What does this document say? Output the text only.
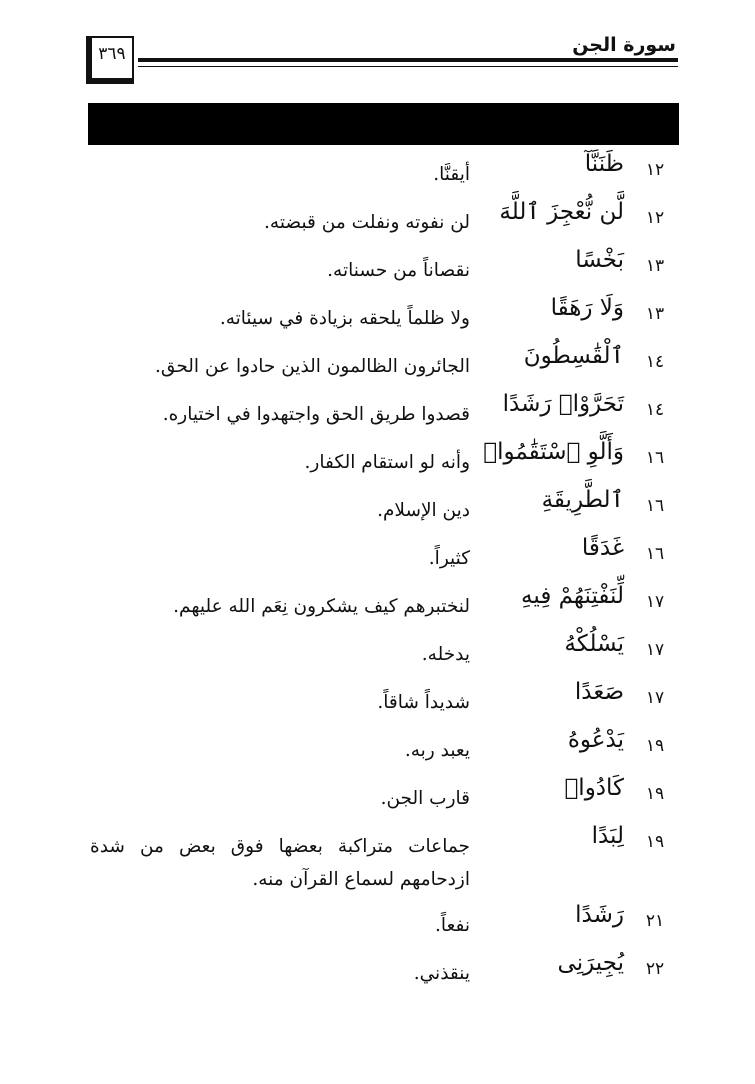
سورة الجن
٣٦٩
١٢
ظَنَنَّآ
أيقنَّا.
١٢
لَّن نُّعْجِزَ ٱللَّهَ
لن نفوته ونفلت من قبضته.
١٣
بَخْسًا
نقصاناً من حسناته.
١٣
وَلَا رَهَقًا
ولا ظلماً يلحقه بزيادة في سيئاته.
١٤
ٱلْقَٰسِطُونَ
الجائرون الظالمون الذين حادوا عن الحق.
١٤
تَحَرَّوْا۟ رَشَدًا
قصدوا طريق الحق واجتهدوا في اختياره.
١٦
وَأَلَّوِ ٱسْتَقَٰمُوا۟
وأنه لو استقام الكفار.
١٦
ٱلطَّرِيقَةِ
دين الإسلام.
١٦
غَدَقًا
كثيراً.
١٧
لِّنَفْتِنَهُمْ فِيهِ
لنختبرهم كيف يشكرون نِعَم الله عليهم.
١٧
يَسْلُكْهُ
يدخله.
١٧
صَعَدًا
شديداً شاقاً.
١٩
يَدْعُوهُ
يعبد ربه.
١٩
كَادُوا۟
قارب الجن.
١٩
لِبَدًا
جماعات متراكبة بعضها فوق بعض من شدة ازدحامهم لسماع القرآن منه.
٢١
رَشَدًا
نفعاً.
٢٢
يُجِيرَنِى
ينقذني.
